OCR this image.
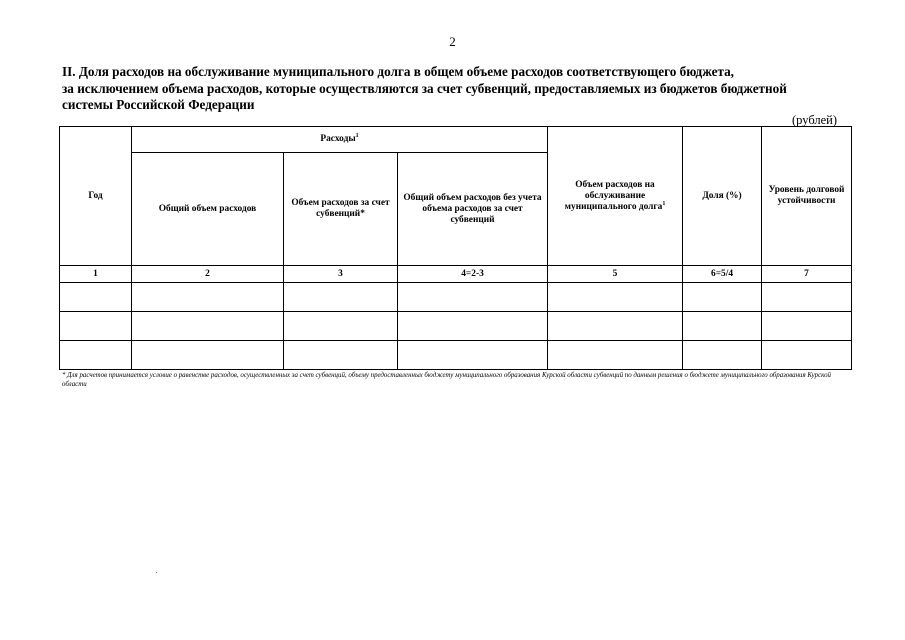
2
II. Доля расходов на обслуживание муниципального долга в общем объеме расходов соответствующего бюджета,
за исключением объема расходов, которые осуществляются за счет субвенций, предоставляемых из бюджетов бюджетной
системы Российской Федерации
(рублей)
Год	Расходы$^1$			Объем расходов на обслуживание муниципального долга$^1$	Доля (%)	Уровень долговой устойчивости
	Общий объем расходов	Объем расходов за счет субвенций*	Общий объем расходов без учета объема расходов за счет субвенций			
1	2	3	4=2-3	5	6=5/4	7

* Для расчетов принимается условие о равенстве расходов, осуществленных за счет субвенций, объему предоставленных бюджету муниципального образования Курской области субвенций по данным решения о бюджете муниципального образования Курской области
